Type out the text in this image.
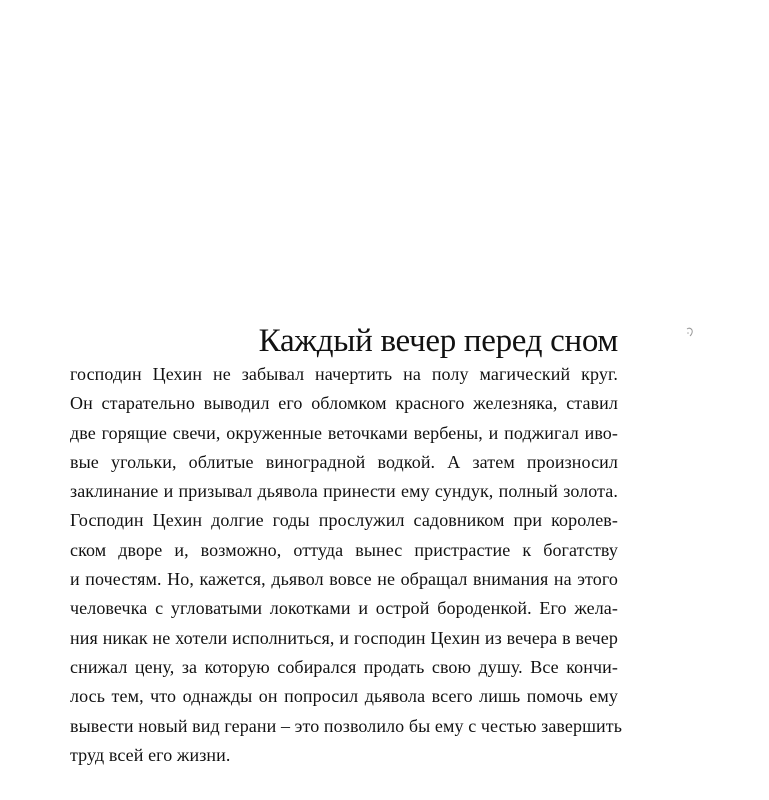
Каждый вечер перед сном
господин Цехин не забывал начертить на полу магический круг.
Он старательно выводил его обломком красного железняка, ставил
две горящие свечи, окруженные веточками вербены, и поджигал иво-
вые угольки, облитые виноградной водкой. А затем произносил
заклинание и призывал дьявола принести ему сундук, полный золота.
Господин Цехин долгие годы прослужил садовником при королев-
ском дворе и, возможно, оттуда вынес пристрастие к богатству
и почестям. Но, кажется, дьявол вовсе не обращал внимания на этого
человечка с угловатыми локотками и острой бороденкой. Его жела-
ния никак не хотели исполниться, и господин Цехин из вечера в вечер
снижал цену, за которую собирался продать свою душу. Все кончи-
лось тем, что однажды он попросил дьявола всего лишь помочь ему
вывести новый вид герани – это позволило бы ему с честью завершить
труд всей его жизни.
